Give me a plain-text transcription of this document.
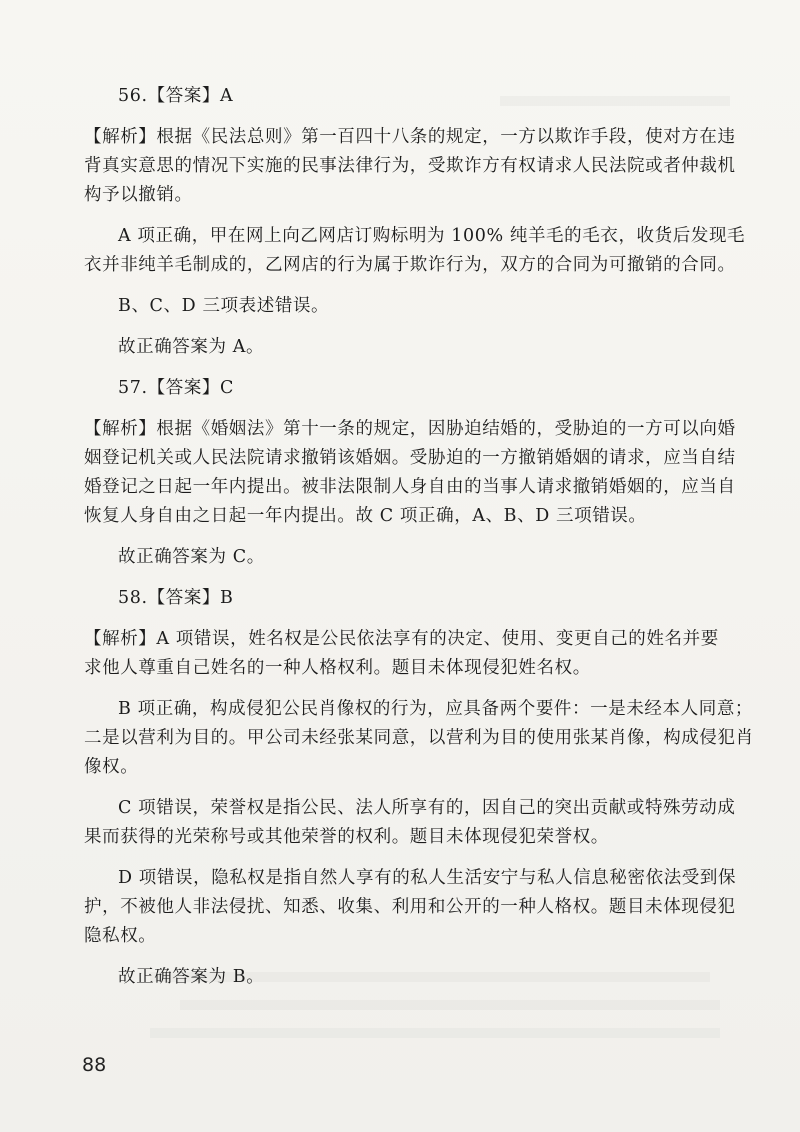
56.【答案】A

【解析】根据《民法总则》第一百四十八条的规定，一方以欺诈手段，使对方在违

背真实意思的情况下实施的民事法律行为，受欺诈方有权请求人民法院或者仲裁机

构予以撤销。

A 项正确，甲在网上向乙网店订购标明为 100% 纯羊毛的毛衣，收货后发现毛

衣并非纯羊毛制成的，乙网店的行为属于欺诈行为，双方的合同为可撤销的合同。

B、C、D 三项表述错误。

故正确答案为 A。

57.【答案】C

【解析】根据《婚姻法》第十一条的规定，因胁迫结婚的，受胁迫的一方可以向婚

姻登记机关或人民法院请求撤销该婚姻。受胁迫的一方撤销婚姻的请求，应当自结

婚登记之日起一年内提出。被非法限制人身自由的当事人请求撤销婚姻的，应当自

恢复人身自由之日起一年内提出。故 C 项正确，A、B、D 三项错误。

故正确答案为 C。

58.【答案】B

【解析】A 项错误，姓名权是公民依法享有的决定、使用、变更自己的姓名并要

求他人尊重自己姓名的一种人格权利。题目未体现侵犯姓名权。

B 项正确，构成侵犯公民肖像权的行为，应具备两个要件：一是未经本人同意；

二是以营利为目的。甲公司未经张某同意，以营利为目的使用张某肖像，构成侵犯肖

像权。

C 项错误，荣誉权是指公民、法人所享有的，因自己的突出贡献或特殊劳动成

果而获得的光荣称号或其他荣誉的权利。题目未体现侵犯荣誉权。

D 项错误，隐私权是指自然人享有的私人生活安宁与私人信息秘密依法受到保

护，不被他人非法侵扰、知悉、收集、利用和公开的一种人格权。题目未体现侵犯

隐私权。

故正确答案为 B。

88
